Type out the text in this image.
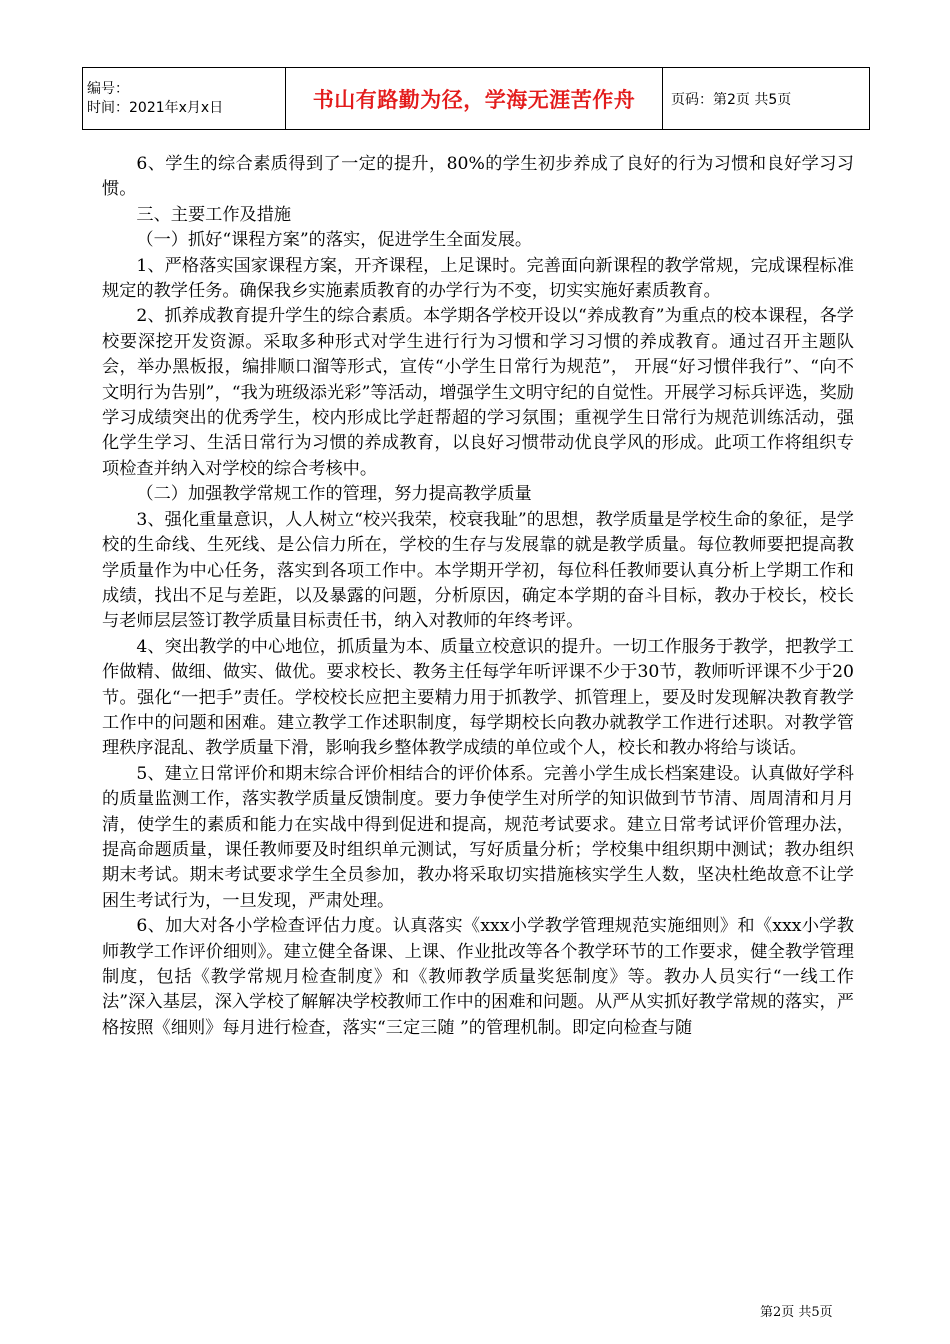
编号：
时间：2021年x月x日	书山有路勤为径，学海无涯苦作舟	页码：第2页 共5页

6、学生的综合素质得到了一定的提升，80%的学生初步养成了良好的行为习惯和良好学习习惯。

三、主要工作及措施

（一）抓好“课程方案”的落实，促进学生全面发展。

1、严格落实国家课程方案，开齐课程，上足课时。完善面向新课程的教学常规，完成课程标准规定的教学任务。确保我乡实施素质教育的办学行为不变，切实实施好素质教育。

2、抓养成教育提升学生的综合素质。本学期各学校开设以“养成教育”为重点的校本课程，各学校要深挖开发资源。采取多种形式对学生进行行为习惯和学习习惯的养成教育。通过召开主题队会，举办黑板报，编排顺口溜等形式，宣传“小学生日常行为规范”， 开展“好习惯伴我行”、“向不文明行为告别”，“我为班级添光彩”等活动，增强学生文明守纪的自觉性。开展学习标兵评选，奖励学习成绩突出的优秀学生，校内形成比学赶帮超的学习氛围；重视学生日常行为规范训练活动，强化学生学习、生活日常行为习惯的养成教育，以良好习惯带动优良学风的形成。此项工作将组织专项检查并纳入对学校的综合考核中。

（二）加强教学常规工作的管理，努力提高教学质量

3、强化重量意识，人人树立“校兴我荣，校衰我耻”的思想，教学质量是学校生命的象征，是学校的生命线、生死线、是公信力所在，学校的生存与发展靠的就是教学质量。每位教师要把提高教学质量作为中心任务，落实到各项工作中。本学期开学初，每位科任教师要认真分析上学期工作和成绩，找出不足与差距，以及暴露的问题，分析原因，确定本学期的奋斗目标，教办于校长，校长与老师层层签订教学质量目标责任书，纳入对教师的年终考评。

4、突出教学的中心地位，抓质量为本、质量立校意识的提升。一切工作服务于教学，把教学工作做精、做细、做实、做优。要求校长、教务主任每学年听评课不少于30节，教师听评课不少于20节。强化“一把手”责任。学校校长应把主要精力用于抓教学、抓管理上，要及时发现解决教育教学工作中的问题和困难。建立教学工作述职制度，每学期校长向教办就教学工作进行述职。对教学管理秩序混乱、教学质量下滑，影响我乡整体教学成绩的单位或个人，校长和教办将给与谈话。

5、建立日常评价和期末综合评价相结合的评价体系。完善小学生成长档案建设。认真做好学科的质量监测工作，落实教学质量反馈制度。要力争使学生对所学的知识做到节节清、周周清和月月清，使学生的素质和能力在实战中得到促进和提高，规范考试要求。建立日常考试评价管理办法，提高命题质量，课任教师要及时组织单元测试，写好质量分析；学校集中组织期中测试；教办组织期末考试。期末考试要求学生全员参加，教办将采取切实措施核实学生人数，坚决杜绝故意不让学困生考试行为，一旦发现，严肃处理。

6、加大对各小学检查评估力度。认真落实《xxx小学教学管理规范实施细则》和《xxx小学教师教学工作评价细则》。建立健全备课、上课、作业批改等各个教学环节的工作要求，健全教学管理制度，包括《教学常规月检查制度》和《教师教学质量奖惩制度》等。教办人员实行“一线工作法”深入基层，深入学校了解解决学校教师工作中的困难和问题。从严从实抓好教学常规的落实，严格按照《细则》每月进行检查，落实“三定三随 ”的管理机制。即定向检查与随

第2页 共5页
